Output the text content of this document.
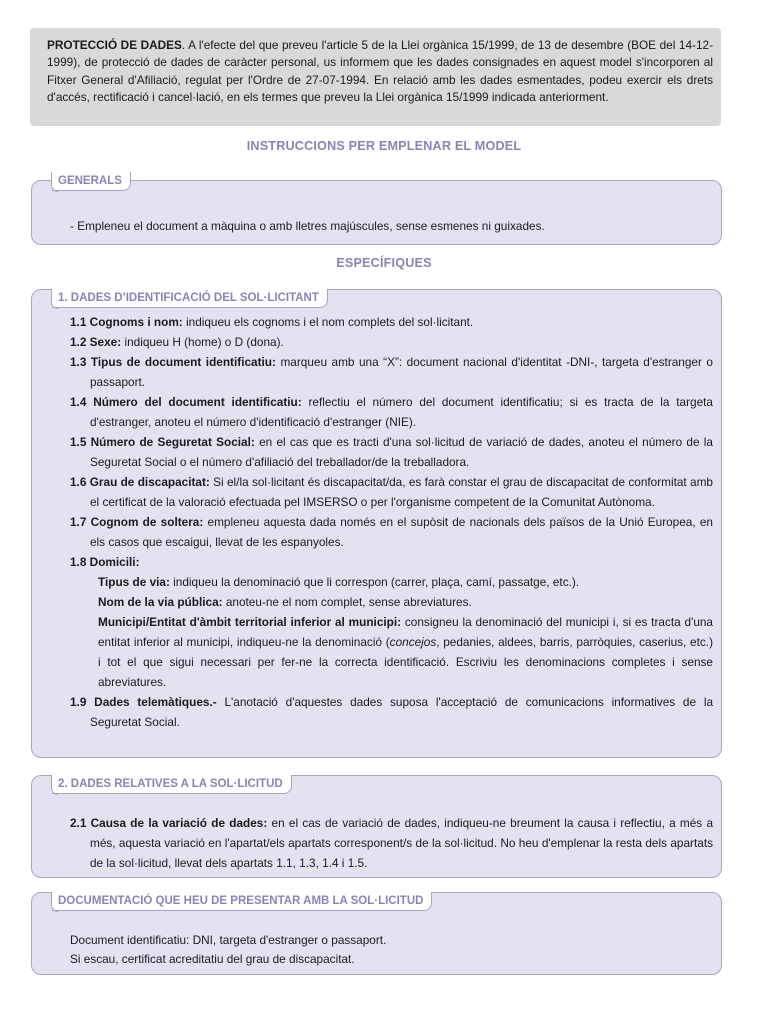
PROTECCIÓ DE DADES. A l'efecte del que preveu l'article 5 de la Llei orgànica 15/1999, de 13 de desembre (BOE del 14-12-1999), de protecció de dades de caràcter personal, us informem que les dades consignades en aquest model s'incorporen al Fitxer General d'Afiliació, regulat per l'Ordre de 27-07-1994. En relació amb les dades esmentades, podeu exercir els drets d'accés, rectificació i cancel·lació, en els termes que preveu la Llei orgànica 15/1999 indicada anteriorment.
INSTRUCCIONS PER EMPLENAR EL MODEL
GENERALS
- Empleneu el document a màquina o amb lletres majúscules, sense esmenes ni guixades.
ESPECÍFIQUES
1. DADES D’IDENTIFICACIÓ DEL SOL·LICITANT
1.1 Cognoms i nom: indiqueu els cognoms i el nom complets del sol·licitant.
1.2 Sexe: indiqueu H (home) o D (dona).
1.3 Tipus de document identificatiu: marqueu amb una “X”: document nacional d'identitat -DNI-, targeta d'estranger o passaport.
1.4 Número del document identificatiu: reflectiu el número del document identificatiu; si es tracta de la targeta d'estranger, anoteu el número d'identificació d'estranger (NIE).
1.5 Número de Seguretat Social: en el cas que es tracti d'una sol·licitud de variació de dades, anoteu el número de la Seguretat Social o el número d'afiliació del treballador/de la treballadora.
1.6 Grau de discapacitat: Si el/la sol·licitant és discapacitat/da, es farà constar el grau de discapacitat de conformitat amb el certificat de la valoració efectuada pel IMSERSO o per l'organisme competent de la Comunitat Autònoma.
1.7 Cognom de soltera: empleneu aquesta dada només en el supòsit de nacionals dels països de la Unió Europea, en els casos que escaigui, llevat de les espanyoles.
1.8 Domicili:
Tipus de via: indiqueu la denominació que li correspon (carrer, plaça, camí, passatge, etc.).
Nom de la via pública: anoteu-ne el nom complet, sense abreviatures.
Municipi/Entitat d'àmbit territorial inferior al municipi: consigneu la denominació del municipi i, si es tracta d'una entitat inferior al municipi, indiqueu-ne la denominació (concejos, pedanies, aldees, barris, parròquies, caserius, etc.) i tot el que sigui necessari per fer-ne la correcta identificació. Escriviu les denominacions completes i sense abreviatures.
1.9 Dades telemàtiques.- L'anotació d'aquestes dades suposa l'acceptació de comunicacions informatives de la Seguretat Social.
2. DADES RELATIVES A LA SOL·LICITUD
2.1 Causa de la variació de dades: en el cas de variació de dades, indiqueu-ne breument la causa i reflectiu, a més a més, aquesta variació en l'apartat/els apartats corresponent/s de la sol·licitud. No heu d'emplenar la resta dels apartats de la sol·licitud, llevat dels apartats 1.1, 1.3, 1.4 i 1.5.
DOCUMENTACIÓ QUE HEU DE PRESENTAR AMB LA SOL·LICITUD
Document identificatiu: DNI, targeta d'estranger o passaport.
Si escau, certificat acreditatiu del grau de discapacitat.
